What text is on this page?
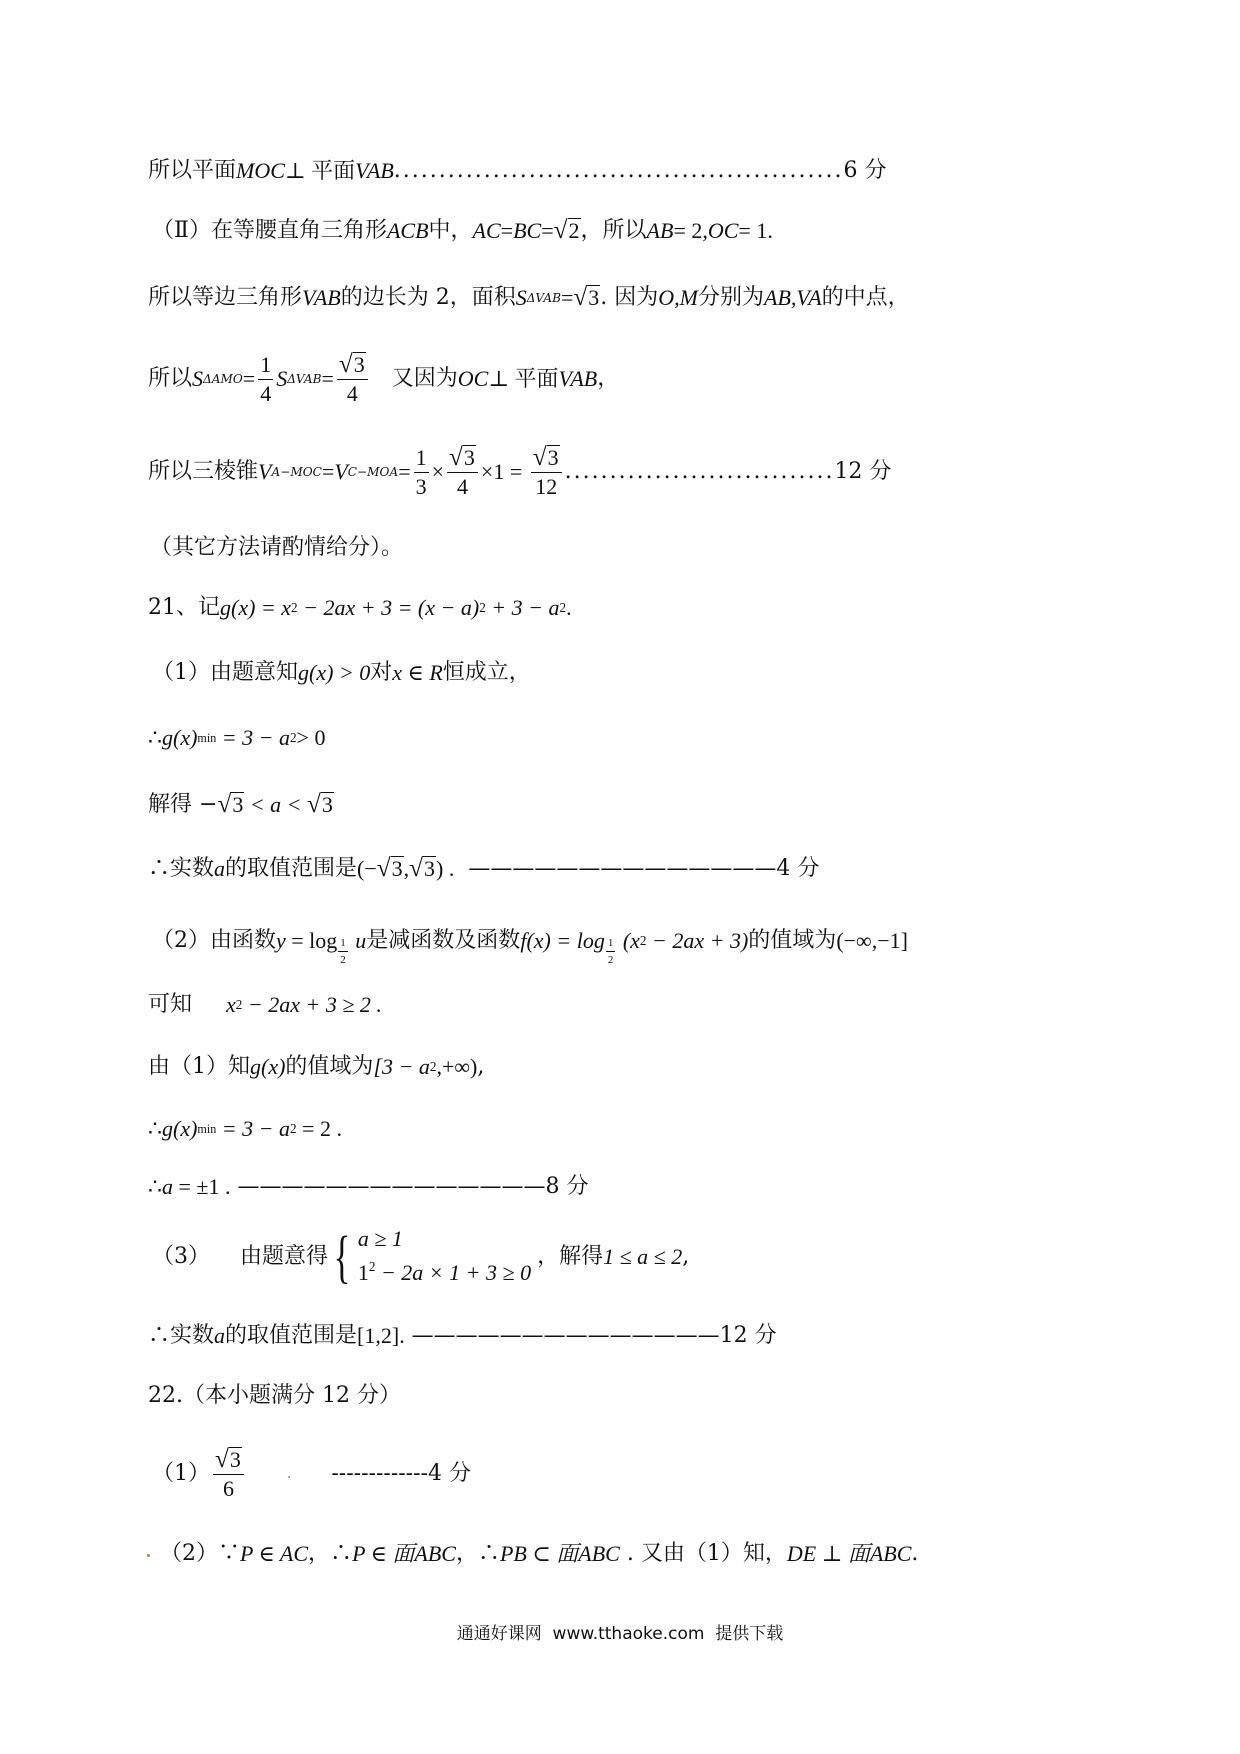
所以平面 MOC ⊥ 平面 VAB .................................................. 6 分
（Ⅱ）在等腰直角三角形 ACB 中， AC = BC = √ 2 ，所以 AB = 2, OC = 1.
所以等边三角形 VAB 的边长为 2，面积 S ΔVAB = √ 3 . 因为 O,M 分别为 AB,VA 的中点，
所以 S $\Delta AMO = \frac{1}{4}$ S $\Delta VAB = \frac{√ 3}{4}$ 又因为 OC ⊥ 平面 VAB ，
所以三棱锥 V A−MOC = V $C-MOA = \frac{1}{3} \times \frac{√ 3}{4} \times 1 = \frac{√ 3}{12}$ .............................. 12 分
（其它方法请酌情给分）。
21、记 g (x) = x 2 − 2ax + 3 = (x − a) 2 + 3 − a 2 .
（1）由题意知 g (x) > 0 对 x ∈ R 恒成立，
∴ g (x) min = 3 − a 2 > 0
解得 − √ 3 < a < √ 3
∴实数 a 的取值范围是 (− √ 3 , √ 3 ) . ——————————————4 分
（2）由函数 $y = \log \frac{1}{2}$ u 是减函数及函数 f $(x) = \log \frac{1}{2} (x$ 2 − 2ax + 3) 的值域为 (−∞,−1]
可知 x 2 − 2ax + 3 ≥ 2 .
由（1）知 g (x) 的值域为 [3 − a 2 ,+∞) ,
∴ g (x) min = 3 − a 2 = 2 .
∴ a = ±1 . ——————————————8 分
（3） 由题意得 { a ≥ 1
$1^2 - 2a \times 1 + 3 \ge 0$
，解得 1 ≤ a ≤ 2 ,
∴实数 a 的取值范围是 [1,2] . ——————————————12 分
22.（本小题满分 12 分）
$(1) \frac{√ 3}{6}$	. -------------4 分
（2）∵ P ∈ AC ，∴ P ∈ 面ABC ，∴ PB ⊂ 面ABC . 又由（1）知， DE ⊥ 面ABC .
通通好课网  www.tthaoke.com  提供下载
